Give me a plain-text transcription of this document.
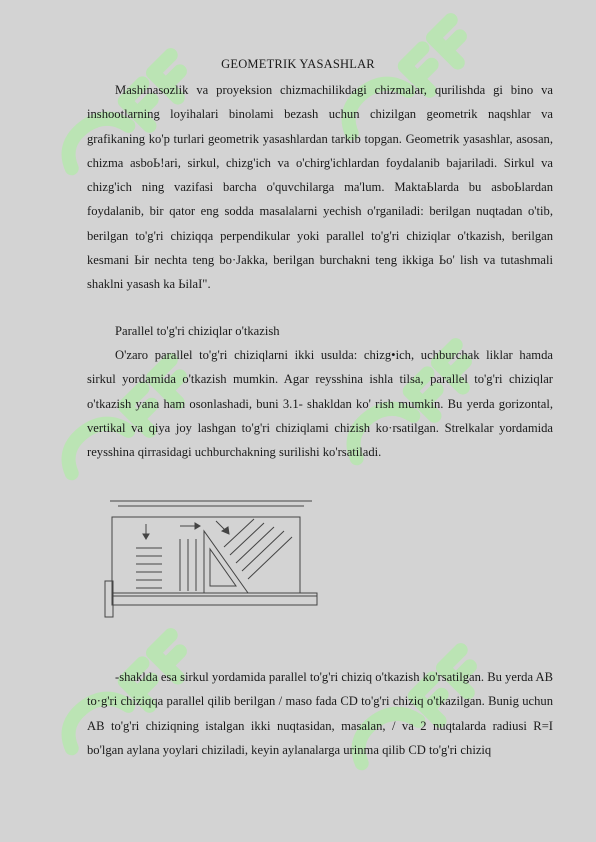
GEOMETRIK YASASHLAR

Mashinasozlik va proyeksion chizmachilikdagi chizmalar, qurilishda gi bino va inshootlarning loyihalari binolami bezash uchun chizilgan geometrik naqshlar va grafikaning ko'p turlari geometrik yasashlardan tarkib topgan. Geometrik yasashlar, asosan, chizma asboЬ!ari, sirkul, chizg'ich va o'chirg'ichlardan foydalanib bajariladi. Sirkul va chizg'ich ning vazifasi barcha o'quvchilarga ma'lum. MaktaЬlarda bu asboЬlardan foydalanib, bir qator eng sodda masalalarni yechish o'rganiladi: berilgan nuqtadan o'tib, berilgan to'g'ri chiziqqa perpendikular yoki parallel to'g'ri chiziqlar o'tkazish, berilgan kesmani Ьir nechta teng bo·Jakka, berilgan burchakni teng ikkiga Ьo' lish va tutashmali shaklni yasash ka ЬilaI".

Parallel to'g'ri chiziqlar o'tkazish

O'zaro parallel to'g'ri chiziqlarni ikki usulda: chizg•ich, uchburchak liklar hamda sirkul yordamida o'tkazish mumkin. Agar reysshina ishla tilsa, parallel to'g'ri chiziqlar o'tkazish yana ham osonlashadi, buni 3.1- shakldan ko' rish mumkin. Bu yerda gorizontal, vertikal va qiya joy lashgan to'g'ri chiziqlami chizish ko·rsatilgan. Strelkalar yordamida reysshina qirrasidagi uchburchakning surilishi ko'rsatiladi.

-shaklda esa sirkul yordamida parallel to'g'ri chiziq o'tkazish ko'rsatilgan. Bu yerda AB to·g'ri chiziqqa parallel qilib berilgan / maso fada CD to'g'ri chiziq o'tkazilgan. Bunig uchun AB to'g'ri chiziqning istalgan ikki nuqtasidan, masalan, / va 2 nuqtalarda radiusi R=I bo'lgan aylana yoylari chiziladi, keyin aylanalarga urinma qilib CD to'g'ri chiziq
